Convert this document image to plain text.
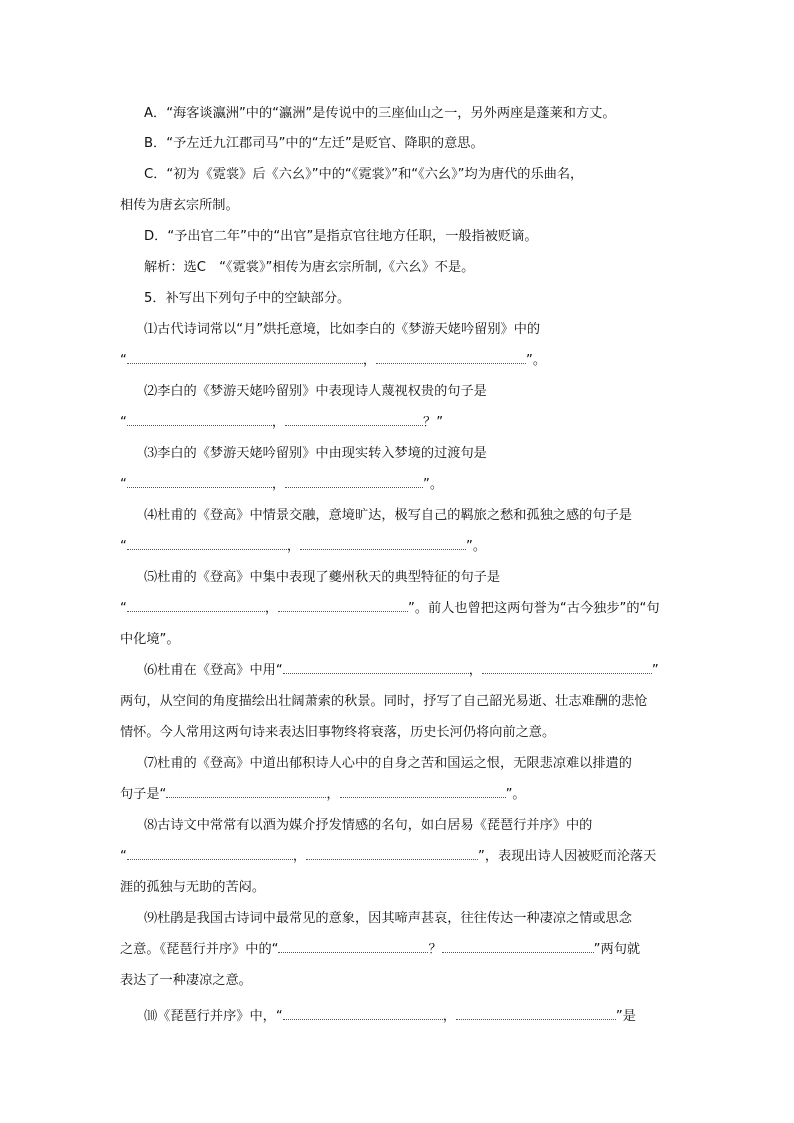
A．“海客谈瀛洲”中的“瀛洲”是传说中的三座仙山之一，另外两座是蓬莱和方丈。
B．“予左迁九江郡司马”中的“左迁”是贬官、降职的意思。
C．“初为《霓裳》后《六幺》”中的“《霓裳》”和“《六幺》”均为唐代的乐曲名，
相传为唐玄宗所制。
D．“予出官二年”中的“出官”是指京官往地方任职，一般指被贬谪。
解析：选C　“《霓裳》”相传为唐玄宗所制,《六幺》不是。
5．补写出下列句子中的空缺部分。
⑴古代诗词常以“月”烘托意境，比如李白的《梦游天姥吟留别》中的
“	，	”。
⑵李白的《梦游天姥吟留别》中表现诗人蔑视权贵的句子是
“	，	？”
⑶李白的《梦游天姥吟留别》中由现实转入梦境的过渡句是
“	，	”。
⑷杜甫的《登高》中情景交融，意境旷达，极写自己的羁旅之愁和孤独之感的句子是
“	，	”。
⑸杜甫的《登高》中集中表现了夔州秋天的典型特征的句子是
“	，	”。前人也曾把这两句誉为“古今独步”的“句
中化境”。
⑹杜甫在《登高》中用“	，	”
两句，从空间的角度描绘出壮阔萧索的秋景。同时，抒写了自己韶光易逝、壮志难酬的悲怆
情怀。今人常用这两句诗来表达旧事物终将衰落，历史长河仍将向前之意。
⑺杜甫的《登高》中道出郁积诗人心中的自身之苦和国运之恨，无限悲凉难以排遣的
句子是“	，	”。
⑻古诗文中常常有以酒为媒介抒发情感的名句，如白居易《琵琶行并序》中的
“	，	”，表现出诗人因被贬而沦落天
涯的孤独与无助的苦闷。
⑼杜鹃是我国古诗词中最常见的意象，因其啼声甚哀，往往传达一种凄凉之情或思念
之意。《琵琶行并序》中的“	？	”两句就
表达了一种凄凉之意。
⑽《琵琶行并序》中，“	，	”是
